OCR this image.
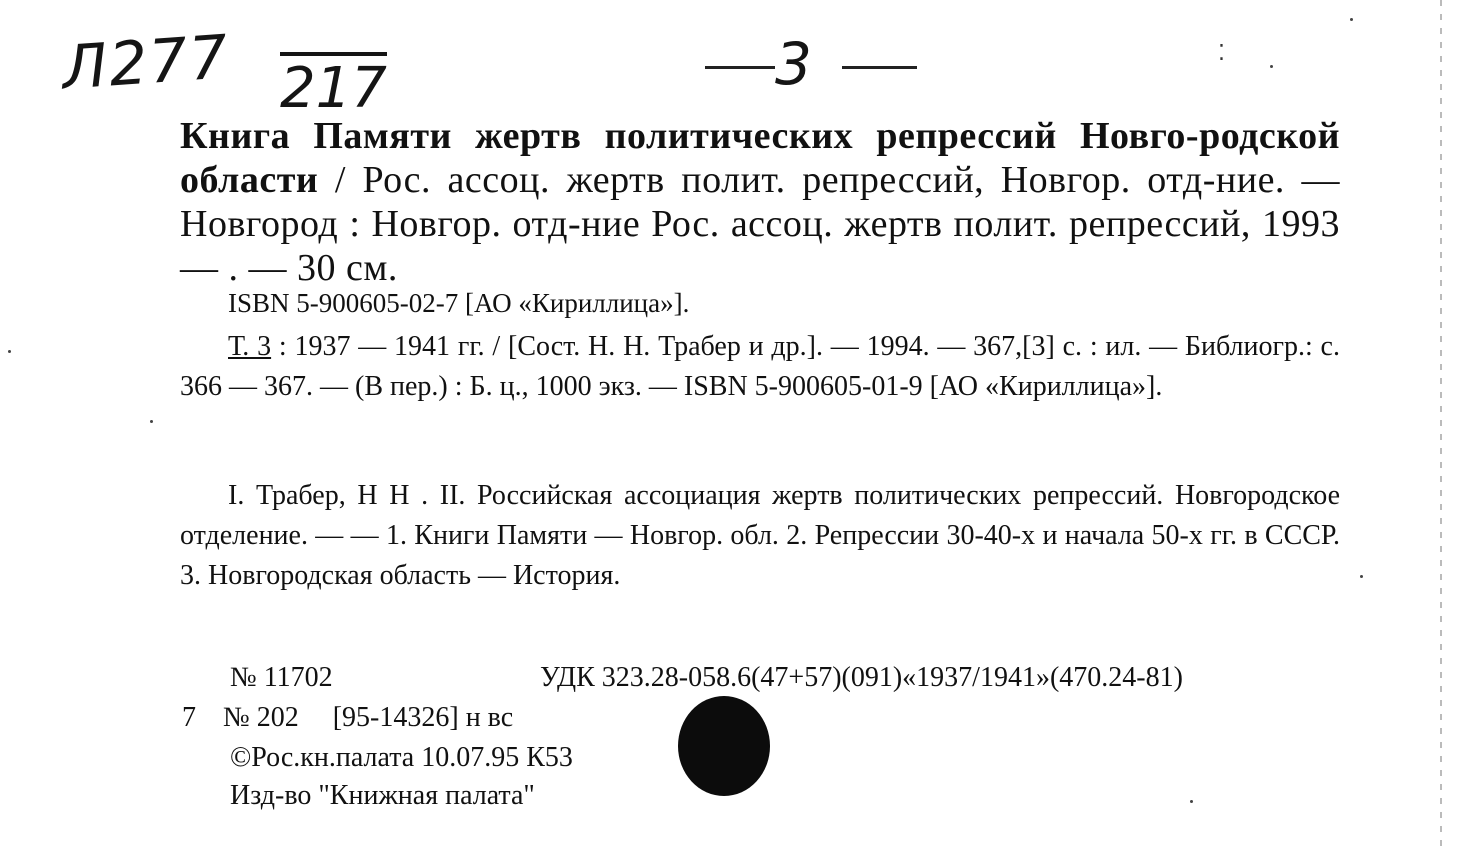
Л277 217	3	⁚
Книга Памяти жертв политических репрессий Новго-родской области / Рос. ассоц. жертв полит. репрессий, Новгор. отд-ние. — Новгород : Новгор. отд-ние Рос. ассоц. жертв полит. репрессий, 1993 — . — 30 см.
ISBN 5-900605-02-7 [АО «Кириллица»].
Т. 3 : 1937 — 1941 гг. / [Сост. Н. Н. Трабер и др.]. — 1994. — 367,[3] с. : ил. — Библиогр.: с. 366 — 367. — (В пер.) : Б. ц., 1000 экз. — ISBN 5-900605-01-9 [АО «Кириллица»].
I. Трабер, Н Н . II. Российская ассоциация жертв политических репрессий. Новгородское отделение. — — 1. Книги Памяти — Новгор. обл. 2. Репрессии 30-40-х и начала 50-х гг. в СССР. 3. Новгородская область — История.
№ 11702	УДК 323.28-058.6(47+57)(091)«1937/1941»(470.24-81)
7 № 202 [95-14326] н вс
©Рос.кн.палата 10.07.95 К53
Изд-во "Книжная палата"
